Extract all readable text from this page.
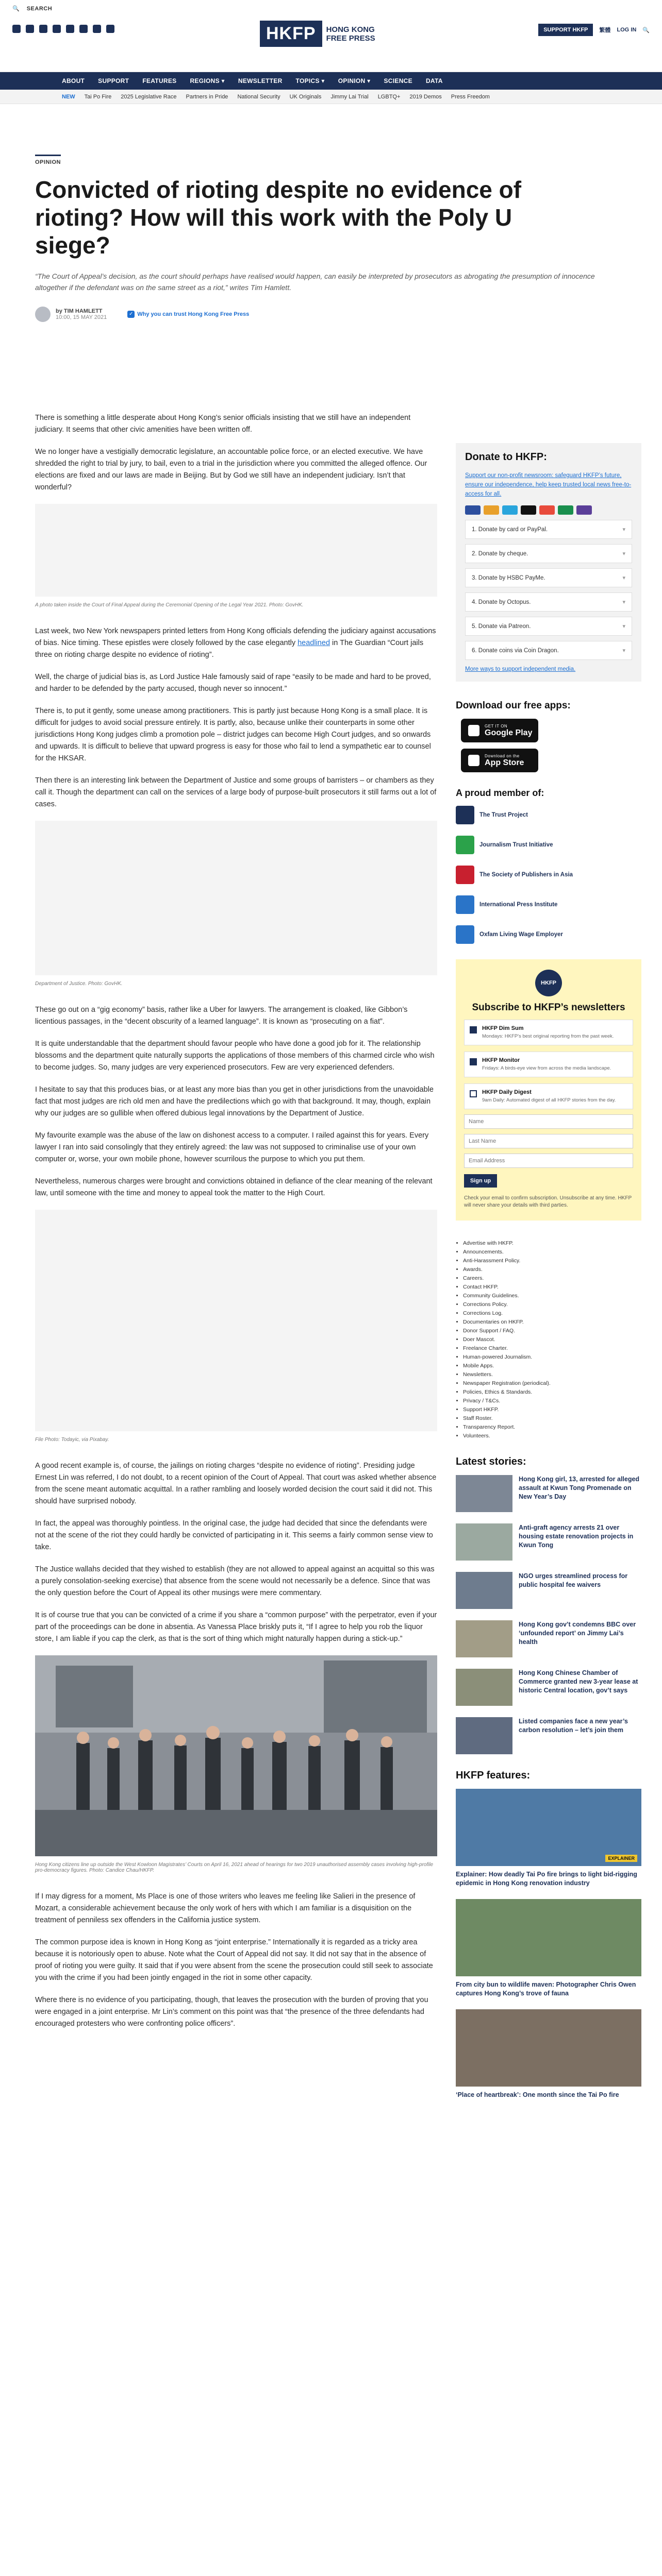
🔍 SEARCH
HKFP	HONG KONG
FREE PRESS
SUPPORT HKFP	繁體 LOG IN 🔍
ABOUT SUPPORT FEATURES REGIONS ▾ NEWSLETTER TOPICS ▾ OPINION ▾ SCIENCE DATA
NEW Tai Po Fire 2025 Legislative Race Partners in Pride National Security UK Originals Jimmy Lai Trial LGBTQ+ 2019 Demos Press Freedom
OPINION
Convicted of rioting despite no evidence of rioting? How will this work with the Poly U siege?

“The Court of Appeal’s decision, as the court should perhaps have realised would happen, can easily be interpreted by prosecutors as abrogating the presumption of innocence altogether if the defendant was on the same street as a riot,” writes Tim Hamlett.

by TIM HAMLETT
10:00, 15 MAY 2021
✓ Why you can trust Hong Kong Free Press

There is something a little desperate about Hong Kong’s senior officials insisting that we still have an independent judiciary. It seems that other civic amenities have been written off.

We no longer have a vestigially democratic legislature, an accountable police force, or an elected executive. We have shredded the right to trial by jury, to bail, even to a trial in the jurisdiction where you committed the alleged offence. Our elections are fixed and our laws are made in Beijing. But by God we still have an independent judiciary. Isn’t that wonderful?

A photo taken inside the Court of Final Appeal during the Ceremonial Opening of the Legal Year 2021. Photo: GovHK.

Last week, two New York newspapers printed letters from Hong Kong officials defending the judiciary against accusations of bias. Nice timing. These epistles were closely followed by the case elegantly headlined in The Guardian “Court jails three on rioting charge despite no evidence of rioting”.

Well, the charge of judicial bias is, as Lord Justice Hale famously said of rape “easily to be made and hard to be proved, and harder to be defended by the party accused, though never so innocent.”

There is, to put it gently, some unease among practitioners. This is partly just because Hong Kong is a small place. It is difficult for judges to avoid social pressure entirely. It is partly, also, because unlike their counterparts in some other jurisdictions Hong Kong judges climb a promotion pole – district judges can become High Court judges, and so onwards and upwards. It is difficult to believe that upward progress is easy for those who fail to lend a sympathetic ear to counsel for the HKSAR.

Then there is an interesting link between the Department of Justice and some groups of barristers – or chambers as they call it. Though the department can call on the services of a large body of purpose-built prosecutors it still farms out a lot of cases.

Department of Justice. Photo: GovHK.

These go out on a “gig economy” basis, rather like a Uber for lawyers. The arrangement is cloaked, like Gibbon’s licentious passages, in the “decent obscurity of a learned language”. It is known as “prosecuting on a fiat”.

It is quite understandable that the department should favour people who have done a good job for it. The relationship blossoms and the department quite naturally supports the applications of those members of this charmed circle who wish to become judges. So, many judges are very experienced prosecutors. Few are very experienced defenders.

I hesitate to say that this produces bias, or at least any more bias than you get in other jurisdictions from the unavoidable fact that most judges are rich old men and have the predilections which go with that background. It may, though, explain why our judges are so gullible when offered dubious legal innovations by the Department of Justice.

My favourite example was the abuse of the law on dishonest access to a computer. I railed against this for years. Every lawyer I ran into said consolingly that they entirely agreed: the law was not supposed to criminalise use of your own computer or, worse, your own mobile phone, however scurrilous the purpose to which you put them.

Nevertheless, numerous charges were brought and convictions obtained in defiance of the clear meaning of the relevant law, until someone with the time and money to appeal took the matter to the High Court.

File Photo: Todayic, via Pixabay.

A good recent example is, of course, the jailings on rioting charges “despite no evidence of rioting”. Presiding judge Ernest Lin was referred, I do not doubt, to a recent opinion of the Court of Appeal. That court was asked whether absence from the scene meant automatic acquittal. In a rather rambling and loosely worded decision the court said it did not. This should have surprised nobody.

In fact, the appeal was thoroughly pointless. In the original case, the judge had decided that since the defendants were not at the scene of the riot they could hardly be convicted of participating in it. This seems a fairly common sense view to take.

The Justice wallahs decided that they wished to establish (they are not allowed to appeal against an acquittal so this was a purely consolation-seeking exercise) that absence from the scene would not necessarily be a defence. Since that was the only question before the Court of Appeal its other musings were mere commentary.

It is of course true that you can be convicted of a crime if you share a “common purpose” with the perpetrator, even if your part of the proceedings can be done in absentia. As Vanessa Place briskly puts it, “If I agree to help you rob the liquor store, I am liable if you cap the clerk, as that is the sort of thing which might naturally happen during a stick-up.”

Hong Kong citizens line up outside the West Kowloon Magistrates’ Courts on April 16, 2021 ahead of hearings for two 2019 unauthorised assembly cases involving high-profile pro-democracy figures. Photo: Candice Chau/HKFP.

If I may digress for a moment, Ms Place is one of those writers who leaves me feeling like Salieri in the presence of Mozart, a considerable achievement because the only work of hers with which I am familiar is a disquisition on the treatment of penniless sex offenders in the California justice system.

The common purpose idea is known in Hong Kong as “joint enterprise.” Internationally it is regarded as a tricky area because it is notoriously open to abuse. Note what the Court of Appeal did not say. It did not say that in the absence of proof of rioting you were guilty. It said that if you were absent from the scene the prosecution could still seek to associate you with the crime if you had been jointly engaged in the riot in some other capacity.

Where there is no evidence of you participating, though, that leaves the prosecution with the burden of proving that you were engaged in a joint enterprise. Mr Lin’s comment on this point was that “the presence of the three defendants had encouraged protesters who were confronting police officers”.

Donate to HKFP:
Support our non-profit newsroom: safeguard HKFP’s future, ensure our independence, help keep trusted local news free-to-access for all.
1. Donate by card or PayPal.	▾
2. Donate by cheque.	▾
3. Donate by HSBC PayMe.	▾
4. Donate by Octopus.	▾
5. Donate via Patreon.	▾
6. Donate coins via Coin Dragon.	▾
More ways to support independent media.
Download our free apps:
GET IT ON
Google Play
Download on the
App Store
A proud member of:
The Trust Project
Journalism Trust Initiative
The Society of Publishers in Asia
International Press Institute
Oxfam Living Wage Employer
HKFP
Subscribe to HKFP’s newsletters
HKFP Dim Sum
Mondays: HKFP’s best original reporting from the past week.
HKFP Monitor
Fridays: A birds-eye view from across the media landscape.
HKFP Daily Digest
9am Daily: Automated digest of all HKFP stories from the day.
Name Last Name Email Address
Sign up
Check your email to confirm subscription. Unsubscribe at any time. HKFP will never share your details with third parties.
• Advertise with HKFP.
• Announcements.
• Anti-Harassment Policy.
• Awards.
• Careers.
• Contact HKFP.
• Community Guidelines.
• Corrections Policy.
• Corrections Log.
• Documentaries on HKFP.
• Donor Support / FAQ.
• Doer Mascot.
• Freelance Charter.
• Human-powered Journalism.
• Mobile Apps.
• Newsletters.
• Newspaper Registration (periodical).
• Policies, Ethics & Standards.
• Privacy / T&Cs.
• Support HKFP.
• Staff Roster.
• Transparency Report.
• Volunteers.
Latest stories:
Hong Kong girl, 13, arrested for alleged assault at Kwun Tong Promenade on New Year’s Day
Anti-graft agency arrests 21 over housing estate renovation projects in Kwun Tong
NGO urges streamlined process for public hospital fee waivers
Hong Kong gov’t condemns BBC over ‘unfounded report’ on Jimmy Lai’s health
Hong Kong Chinese Chamber of Commerce granted new 3-year lease at historic Central location, gov’t says
Listed companies face a new year’s carbon resolution – let’s join them
HKFP features:
EXPLAINER
Explainer: How deadly Tai Po fire brings to light bid-rigging epidemic in Hong Kong renovation industry
From city bun to wildlife maven: Photographer Chris Owen captures Hong Kong’s trove of fauna
‘Place of heartbreak’: One month since the Tai Po fire
